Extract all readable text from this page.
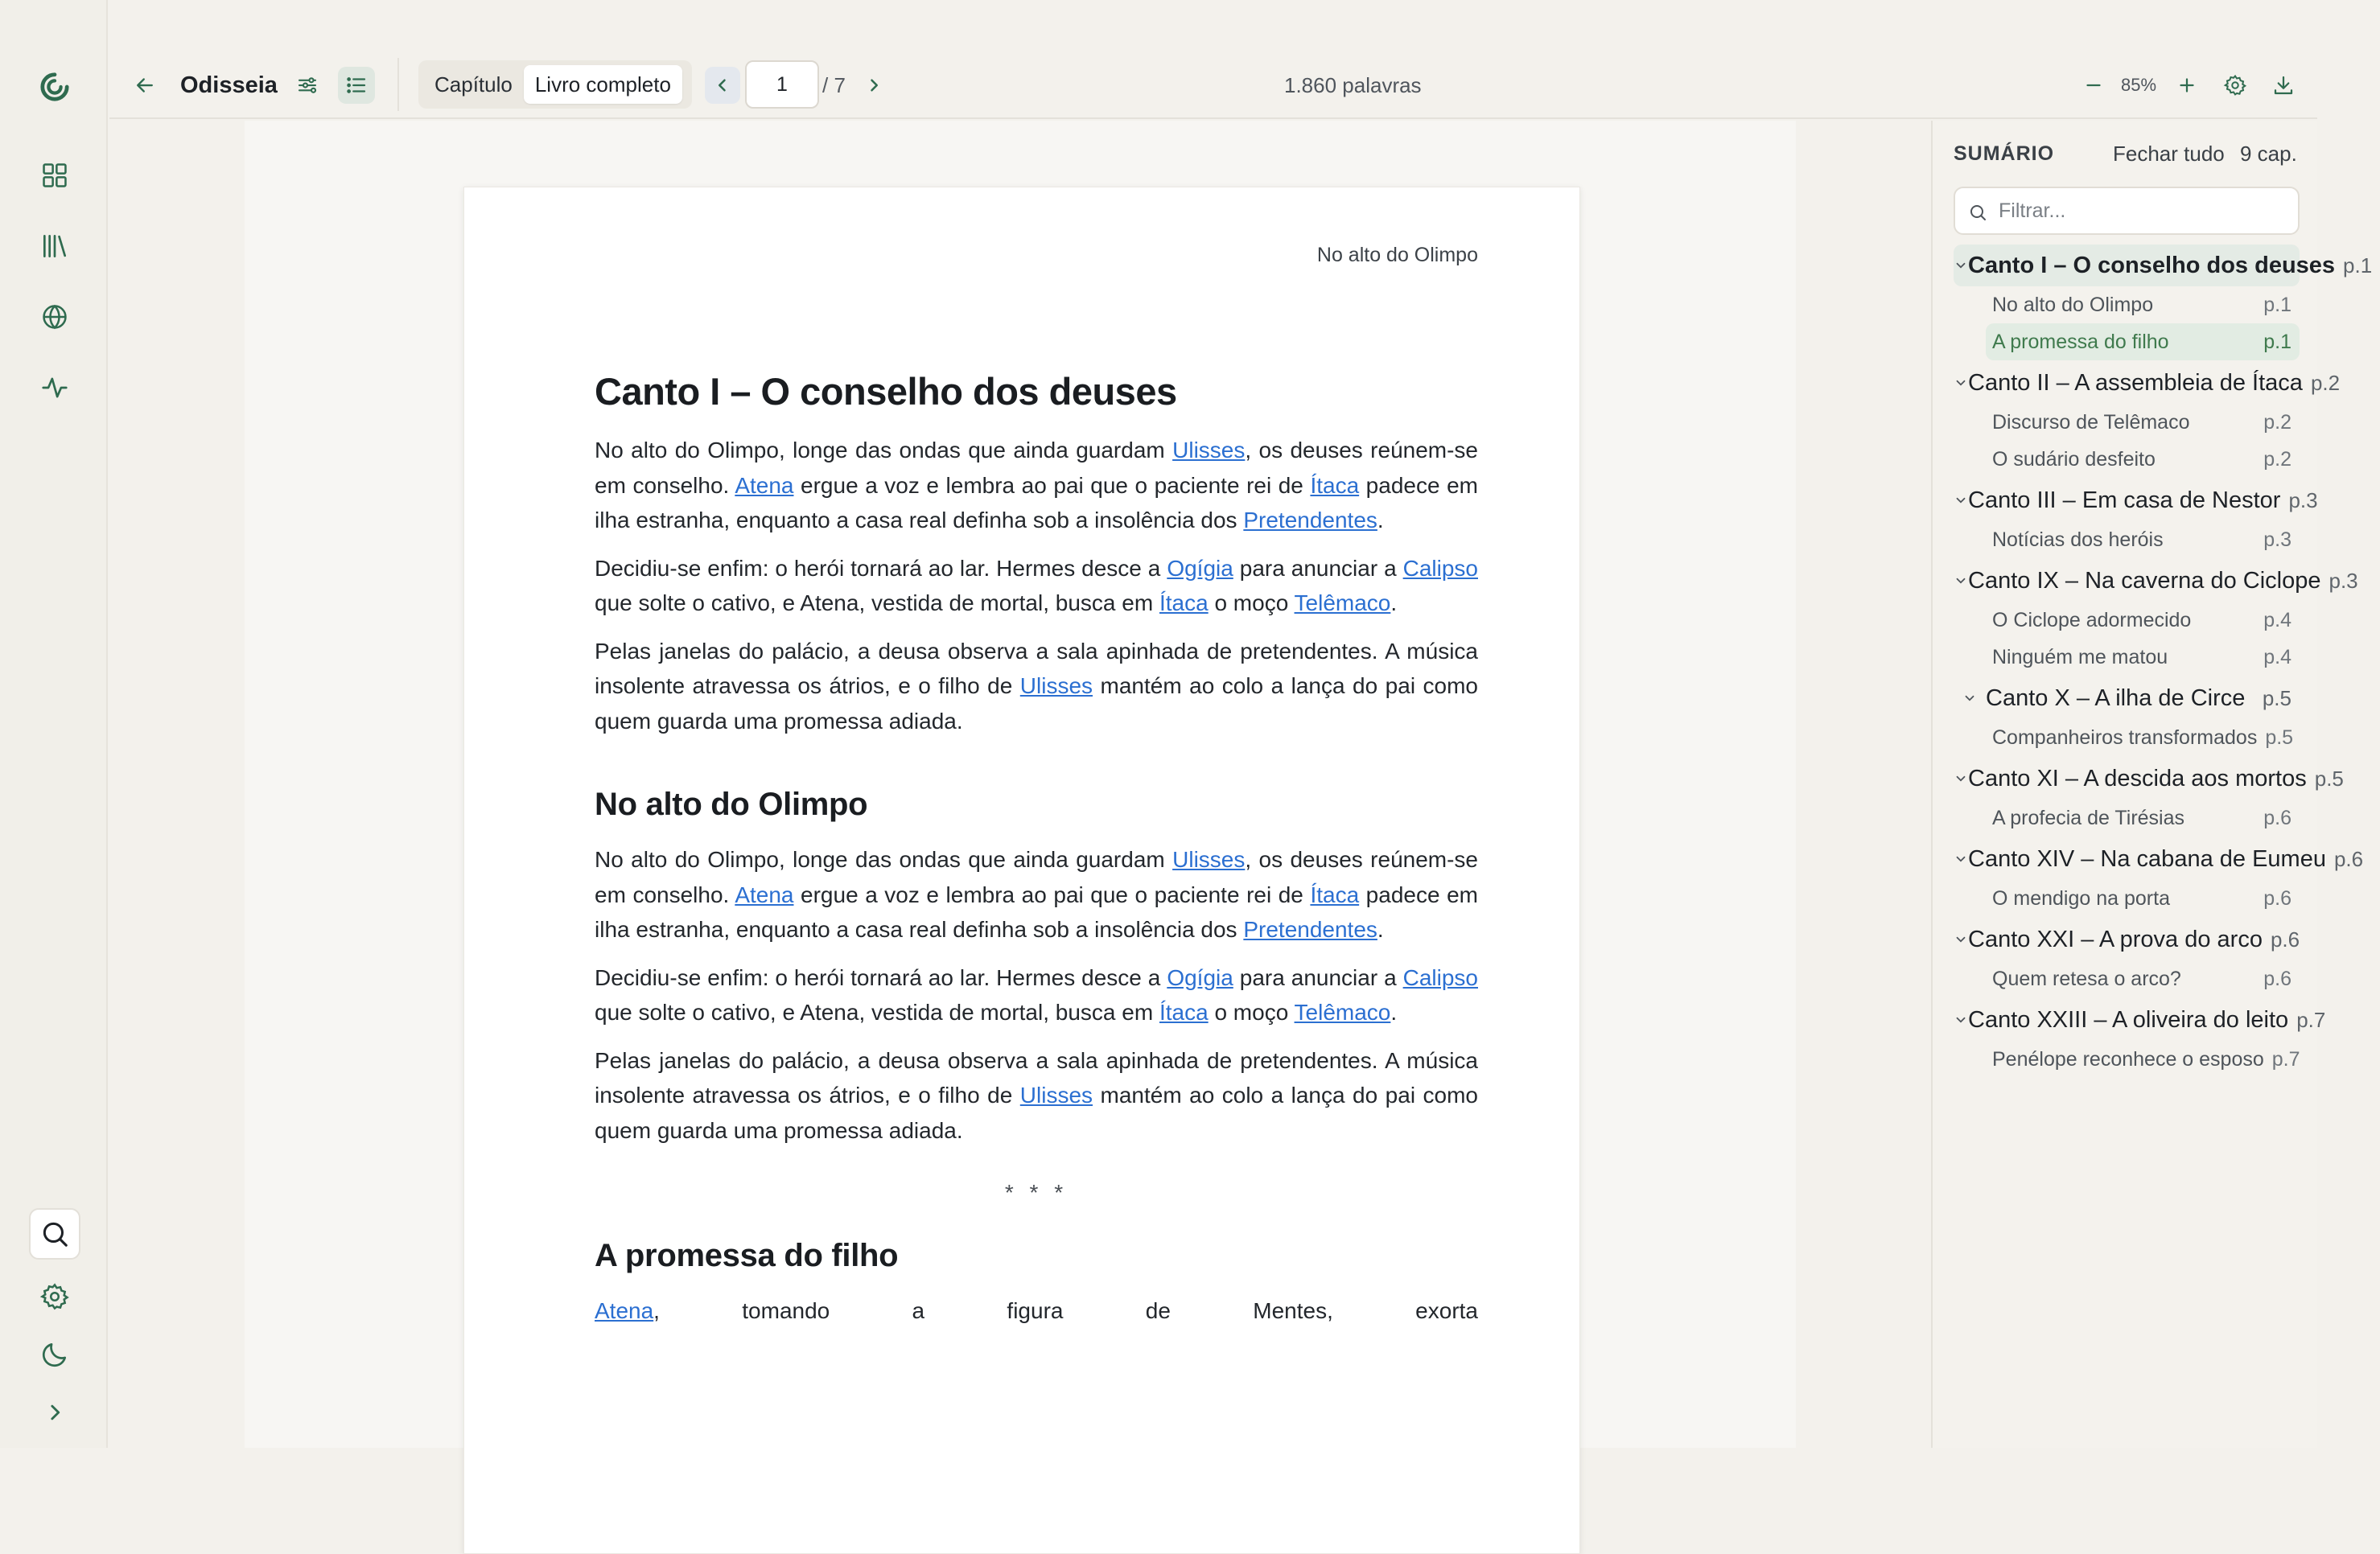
Odisseia	Capítulo	Livro completo
1	/ 7	1.860 palavras	85%
No alto do Olimpo
Canto I – O conselho dos deuses

No alto do Olimpo, longe das ondas que ainda guardam Ulisses, os deuses reúnem-se em conselho. Atena ergue a voz e lembra ao pai que o paciente rei de Ítaca padece em ilha estranha, enquanto a casa real definha sob a insolência dos Pretendentes.

Decidiu-se enfim: o herói tornará ao lar. Hermes desce a Ogígia para anunciar a Calipso que solte o cativo, e Atena, vestida de mortal, busca em Ítaca o moço Telêmaco.

Pelas janelas do palácio, a deusa observa a sala apinhada de pretendentes. A música insolente atravessa os átrios, e o filho de Ulisses mantém ao colo a lança do pai como quem guarda uma promessa adiada.

No alto do Olimpo

No alto do Olimpo, longe das ondas que ainda guardam Ulisses, os deuses reúnem-se em conselho. Atena ergue a voz e lembra ao pai que o paciente rei de Ítaca padece em ilha estranha, enquanto a casa real definha sob a insolência dos Pretendentes.

Decidiu-se enfim: o herói tornará ao lar. Hermes desce a Ogígia para anunciar a Calipso que solte o cativo, e Atena, vestida de mortal, busca em Ítaca o moço Telêmaco.

Pelas janelas do palácio, a deusa observa a sala apinhada de pretendentes. A música insolente atravessa os átrios, e o filho de Ulisses mantém ao colo a lança do pai como quem guarda uma promessa adiada.

* * *
A promessa do filho

Atena, tomando a figura de Mentes, exorta

SUMÁRIO	Fechar tudo 9 cap.
Filtrar...
Canto I – O conselho dos deuses p.1
No alto do Olimpo	p.1
A promessa do filho	p.1
Canto II – A assembleia de Ítaca p.2
Discurso de Telêmaco	p.2
O sudário desfeito	p.2
Canto III – Em casa de Nestor p.3
Notícias dos heróis	p.3
Canto IX – Na caverna do Ciclope p.3
O Ciclope adormecido	p.4
Ninguém me matou	p.4
Canto X – A ilha de Circe p.5
Companheiros transformados p.5
Canto XI – A descida aos mortos p.5
A profecia de Tirésias	p.6
Canto XIV – Na cabana de Eumeu p.6
O mendigo na porta	p.6
Canto XXI – A prova do arco p.6
Quem retesa o arco?	p.6
Canto XXIII – A oliveira do leito p.7
Penélope reconhece o esposo p.7
